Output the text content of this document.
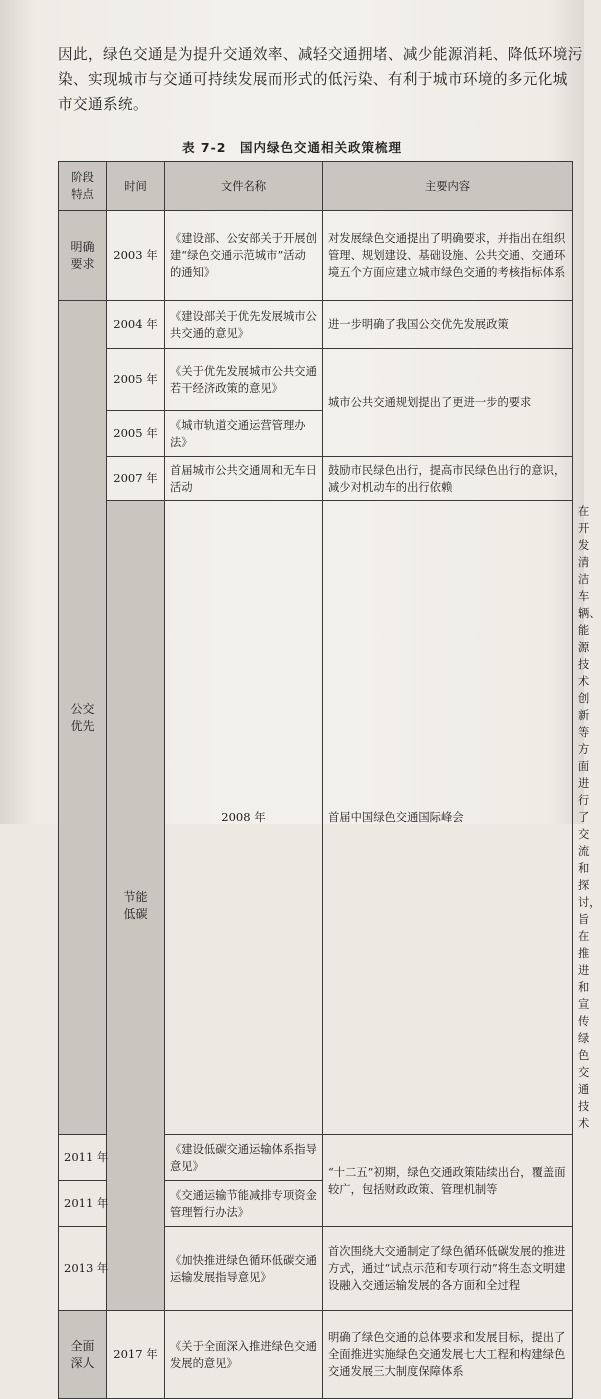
因此，绿色交通是为提升交通效率、减轻交通拥堵、减少能源消耗、降低环境污
染、实现城市与交通可持续发展而形式的低污染、有利于城市环境的多元化城
市交通系统。
表 7-2　国内绿色交通相关政策梳理
阶段
特点	时间	文件名称	主要内容	
明确
要求	2003 年	《建设部、公安部关于开展创建“绿色交通示范城市”活动的通知》	对发展绿色交通提出了明确要求，并指出在组织管理、规划建设、基础设施、公共交通、交通环境五个方面应建立城市绿色交通的考核指标体系	
公交
优先	2004 年	《建设部关于优先发展城市公共交通的意见》	进一步明确了我国公交优先发展政策	
	2005 年	《关于优先发展城市公共交通若干经济政策的意见》	城市公共交通规划提出了更进一步的要求	
	2005 年	《城市轨道交通运营管理办法》		
	2007 年	首届城市公共交通周和无车日活动	鼓励市民绿色出行，提高市民绿色出行的意识，减少对机动车的出行依赖	
	节能
低碳	2008 年	首届中国绿色交通国际峰会	在开发清洁车辆、能源技术创新等方面进行了交流和探讨，旨在推进和宣传绿色交通技术
2011 年		《建设低碳交通运输体系指导意见》	“十二五”初期，绿色交通政策陆续出台，覆盖面较广，包括财政政策、管理机制等	
2011 年		《交通运输节能减排专项资金管理暂行办法》		
2013 年		《加快推进绿色循环低碳交通运输发展指导意见》	首次围绕大交通制定了绿色循环低碳发展的推进方式，通过“试点示范和专项行动”将生态文明建设融入交通运输发展的各方面和全过程	
全面
深人	2017 年	《关于全面深入推进绿色交通发展的意见》	明确了绿色交通的总体要求和发展目标，提出了全面推进实施绿色交通发展七大工程和构建绿色交通发展三大制度保障体系	
